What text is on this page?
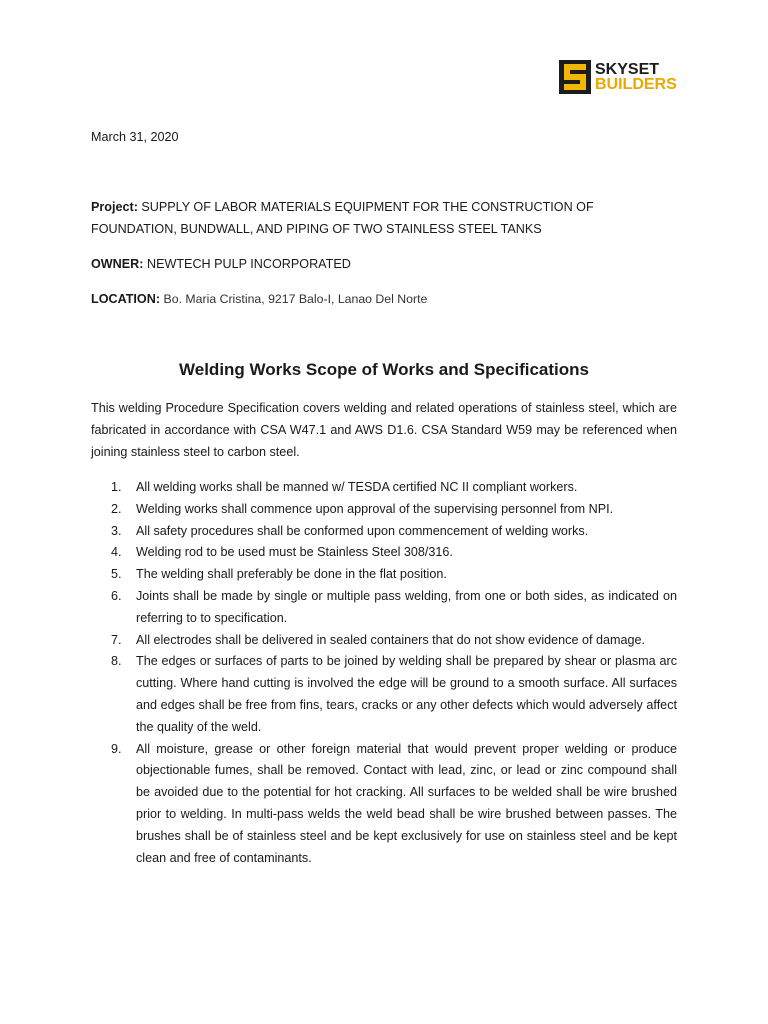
SKYSET
BUILDERS
March 31, 2020
Project: SUPPLY OF LABOR MATERIALS EQUIPMENT FOR THE CONSTRUCTION OF FOUNDATION, BUNDWALL, AND PIPING OF TWO STAINLESS STEEL TANKS
OWNER: NEWTECH PULP INCORPORATED
LOCATION: Bo. Maria Cristina, 9217 Balo-I, Lanao Del Norte
Welding Works Scope of Works and Specifications
This welding Procedure Specification covers welding and related operations of stainless steel, which are fabricated in accordance with CSA W47.1 and AWS D1.6. CSA Standard W59 may be referenced when joining stainless steel to carbon steel.
1.	All welding works shall be manned w/ TESDA certified NC II compliant workers.
2.	Welding works shall commence upon approval of the supervising personnel from NPI.
3.	All safety procedures shall be conformed upon commencement of welding works.
4.	Welding rod to be used must be Stainless Steel 308/316.
5.	The welding shall preferably be done in the flat position.
6.	Joints shall be made by single or multiple pass welding, from one or both sides, as indicated on referring to to specification.
7.	All electrodes shall be delivered in sealed containers that do not show evidence of damage.
8.	The edges or surfaces of parts to be joined by welding shall be prepared by shear or plasma arc cutting. Where hand cutting is involved the edge will be ground to a smooth surface. All surfaces and edges shall be free from fins, tears, cracks or any other defects which would adversely affect the quality of the weld.
9.	All moisture, grease or other foreign material that would prevent proper welding or produce objectionable fumes, shall be removed. Contact with lead, zinc, or lead or zinc compound shall be avoided due to the potential for hot cracking. All surfaces to be welded shall be wire brushed prior to welding. In multi-pass welds the weld bead shall be wire brushed between passes. The brushes shall be of stainless steel and be kept exclusively for use on stainless steel and be kept clean and free of contaminants.
